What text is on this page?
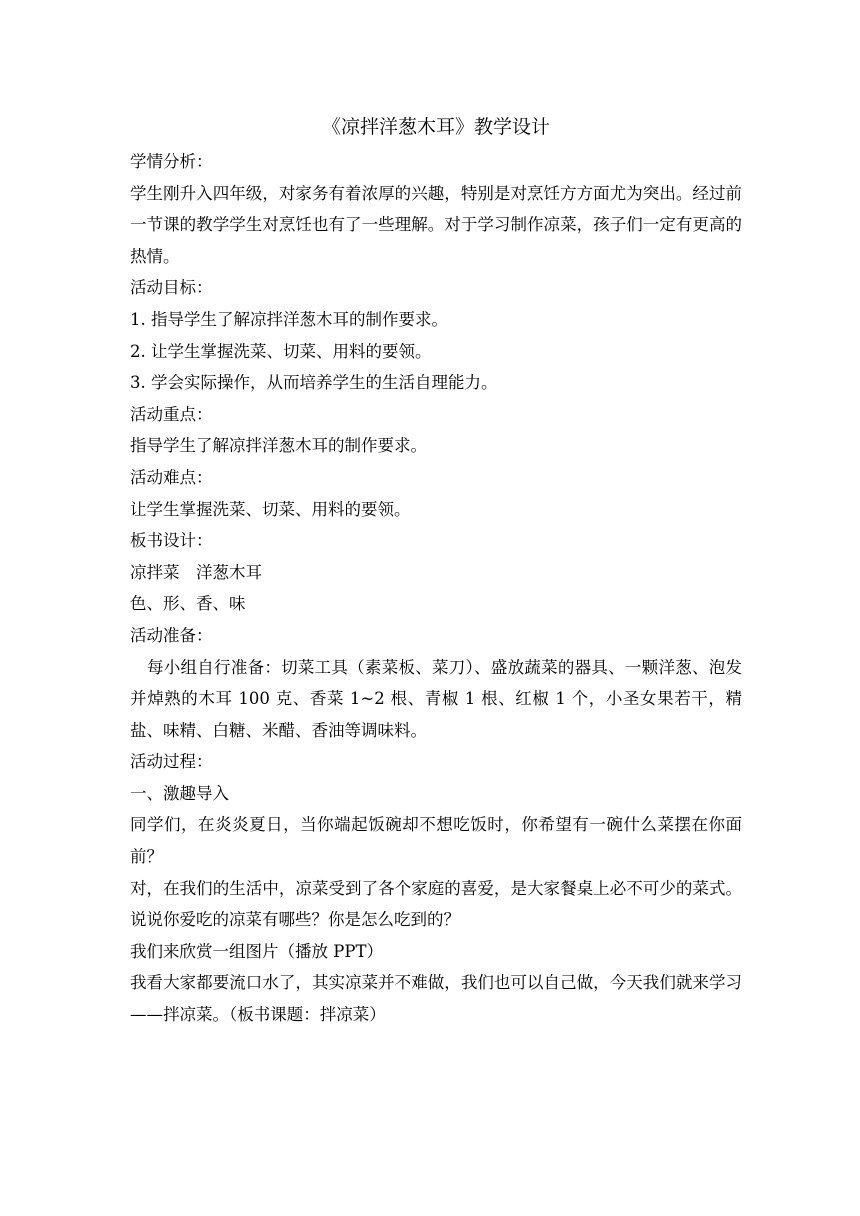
《凉拌洋葱木耳》教学设计

学情分析：

学生刚升入四年级，对家务有着浓厚的兴趣，特别是对烹饪方方面尤为突出。经过前一节课的教学学生对烹饪也有了一些理解。对于学习制作凉菜，孩子们一定有更高的热情。

活动目标：

1. 指导学生了解凉拌洋葱木耳的制作要求。

2. 让学生掌握洗菜、切菜、用料的要领。

3. 学会实际操作，从而培养学生的生活自理能力。

活动重点：

指导学生了解凉拌洋葱木耳的制作要求。

活动难点：

让学生掌握洗菜、切菜、用料的要领。

板书设计：

凉拌菜　洋葱木耳

色、形、香、味

活动准备：

每小组自行准备：切菜工具（素菜板、菜刀）、盛放蔬菜的器具、一颗洋葱、泡发并焯熟的木耳 100 克、香菜 1~2 根、青椒 1 根、红椒 1 个，小圣女果若干，精盐、味精、白糖、米醋、香油等调味料。

活动过程：

一、激趣导入

同学们，在炎炎夏日，当你端起饭碗却不想吃饭时，你希望有一碗什么菜摆在你面前？

对，在我们的生活中，凉菜受到了各个家庭的喜爱，是大家餐桌上必不可少的菜式。说说你爱吃的凉菜有哪些？你是怎么吃到的？

我们来欣赏一组图片（播放 PPT）

我看大家都要流口水了，其实凉菜并不难做，我们也可以自己做，今天我们就来学习——拌凉菜。（板书课题：拌凉菜）
